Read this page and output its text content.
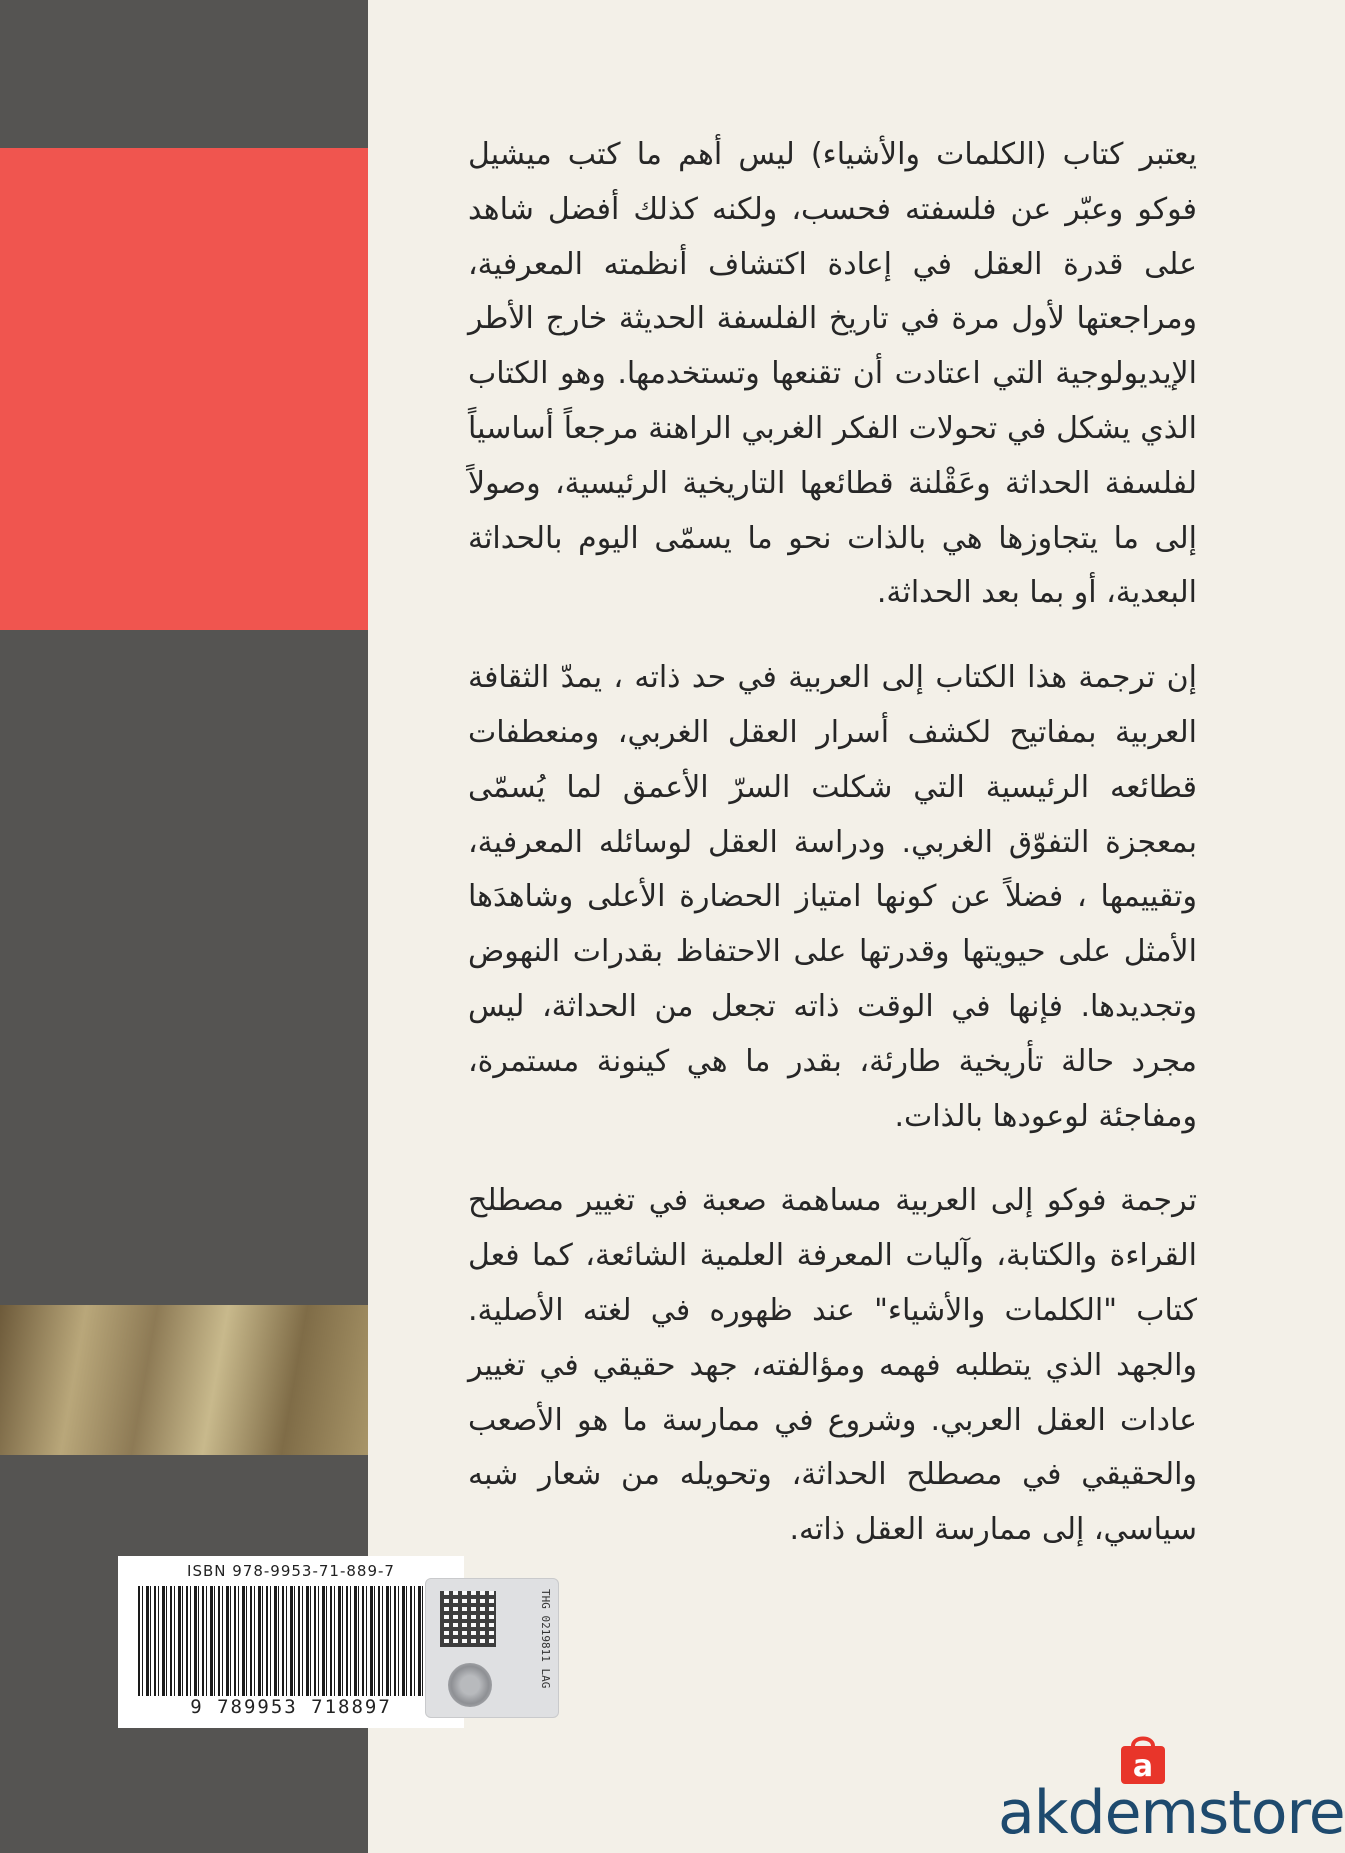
يعتبر كتاب (الكلمات والأشياء) ليس أهم ما كتب ميشيل فوكو وعبّر عن فلسفته فحسب، ولكنه كذلك أفضل شاهد على قدرة العقل في إعادة اكتشاف أنظمته المعرفية، ومراجعتها لأول مرة في تاريخ الفلسفة الحديثة خارج الأطر الإيديولوجية التي اعتادت أن تقنعها وتستخدمها. وهو الكتاب الذي يشكل في تحولات الفكر الغربي الراهنة مرجعاً أساسياً لفلسفة الحداثة وعَقْلنة قطائعها التاريخية الرئيسية، وصولاً إلى ما يتجاوزها هي بالذات نحو ما يسمّى اليوم بالحداثة البعدية، أو بما بعد الحداثة.

إن ترجمة هذا الكتاب إلى العربية في حد ذاته ، يمدّ الثقافة العربية بمفاتيح لكشف أسرار العقل الغربي، ومنعطفات قطائعه الرئيسية التي شكلت السرّ الأعمق لما يُسمّى بمعجزة التفوّق الغربي. ودراسة العقل لوسائله المعرفية، وتقييمها ، فضلاً عن كونها امتياز الحضارة الأعلى وشاهدَها الأمثل على حيويتها وقدرتها على الاحتفاظ بقدرات النهوض وتجديدها. فإنها في الوقت ذاته تجعل من الحداثة، ليس مجرد حالة تأريخية طارئة، بقدر ما هي كينونة مستمرة، ومفاجئة لوعودها بالذات.

ترجمة فوكو إلى العربية مساهمة صعبة في تغيير مصطلح القراءة والكتابة، وآليات المعرفة العلمية الشائعة، كما فعل كتاب "الكلمات والأشياء" عند ظهوره في لغته الأصلية. والجهد الذي يتطلبه فهمه ومؤالفته، جهد حقيقي في تغيير عادات العقل العربي. وشروع في ممارسة ما هو الأصعب والحقيقي في مصطلح الحداثة، وتحويله من شعار شبه سياسي، إلى ممارسة العقل ذاته.

ISBN 978-9953-71-889-7
9 789953 718897
THG 0219811 LAG
a
akdemstore
